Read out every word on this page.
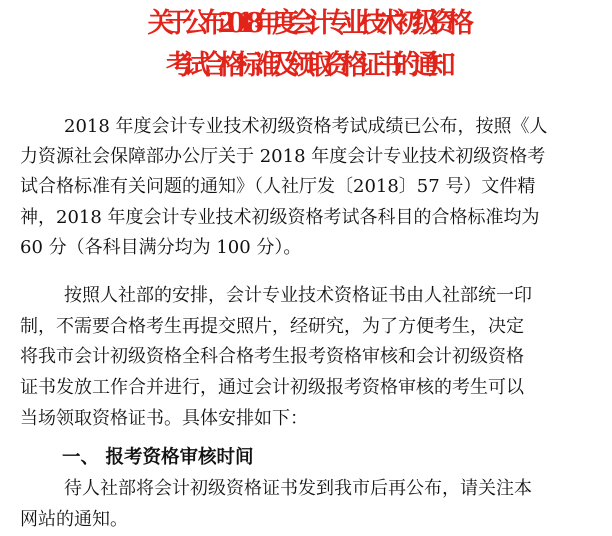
关于公布 2018 年度会计专业技术初级资格
考试合格标准及领取资格证书的通知
2018 年度会计专业技术初级资格考试成绩已公布，按照《人
力资源社会保障部办公厅关于 2018 年度会计专业技术初级资格考
试合格标准有关问题的通知》（人社厅发〔2018〕57 号）文件精
神，2018 年度会计专业技术初级资格考试各科目的合格标准均为
60 分（各科目满分均为 100 分）。
按照人社部的安排，会计专业技术资格证书由人社部统一印
制，不需要合格考生再提交照片，经研究，为了方便考生，决定
将我市会计初级资格全科合格考生报考资格审核和会计初级资格
证书发放工作合并进行，通过会计初级报考资格审核的考生可以
当场领取资格证书。具体安排如下：
一、 报考资格审核时间
待人社部将会计初级资格证书发到我市后再公布，请关注本
网站的通知。
